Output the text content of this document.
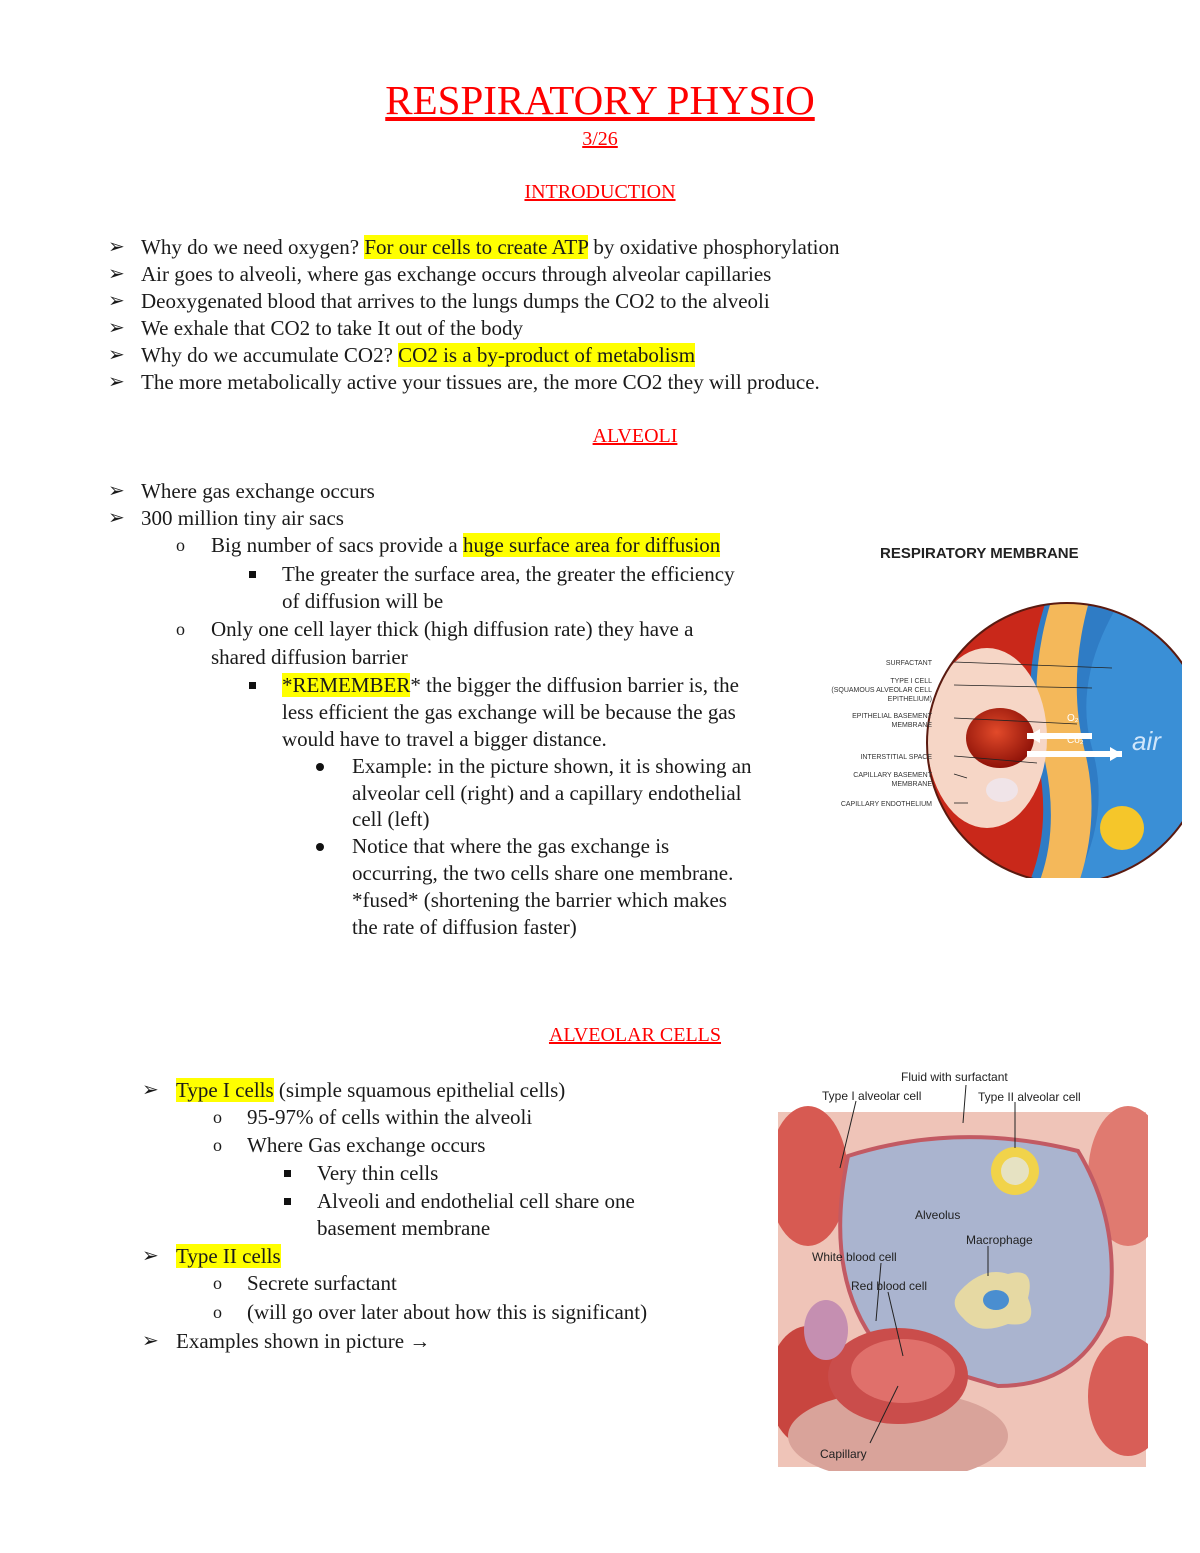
RESPIRATORY PHYSIO
3/26
INTRODUCTION
➢ Why do we need oxygen? For our cells to create ATP by oxidative phosphorylation
➢ Air goes to alveoli, where gas exchange occurs through alveolar capillaries
➢ Deoxygenated blood that arrives to the lungs dumps the CO2 to the alveoli
➢ We exhale that CO2 to take It out of the body
➢ Why do we accumulate CO2? CO2 is a by-product of metabolism
➢ The more metabolically active your tissues are, the more CO2 they will produce.
ALVEOLI
➢ Where gas exchange occurs
➢ 300 million tiny air sacs
o Big number of sacs provide a huge surface area for diffusion
The greater the surface area, the greater the efficiency
of diffusion will be
o Only one cell layer thick (high diffusion rate) they have a
shared diffusion barrier
*REMEMBER* the bigger the diffusion barrier is, the
less efficient the gas exchange will be because the gas
would have to travel a bigger distance.
Example: in the picture shown, it is showing an
alveolar cell (right) and a capillary endothelial
cell (left)
Notice that where the gas exchange is
occurring, the two cells share one membrane.
*fused* (shortening the barrier which makes
the rate of diffusion faster)
RESPIRATORY MEMBRANE
O₂
Co₂ air
SURFACTANT
TYPE I CELL
(SQUAMOUS ALVEOLAR CELL
EPITHELIUM)
EPITHELIAL BASEMENT
MEMBRANE
INTERSTITIAL SPACE
CAPILLARY BASEMENT
MEMBRANE
CAPILLARY ENDOTHELIUM
ALVEOLAR CELLS
➢ Type I cells (simple squamous epithelial cells)
o 95-97% of cells within the alveoli
o Where Gas exchange occurs
Very thin cells
Alveoli and endothelial cell share one
basement membrane
➢ Type II cells
o Secrete surfactant
o (will go over later about how this is significant)
➢ Examples shown in picture →
Fluid with surfactant
Type I alveolar cell	Type II alveolar cell
Alveolus
Macrophage
White blood cell
Red blood cell
Capillary
